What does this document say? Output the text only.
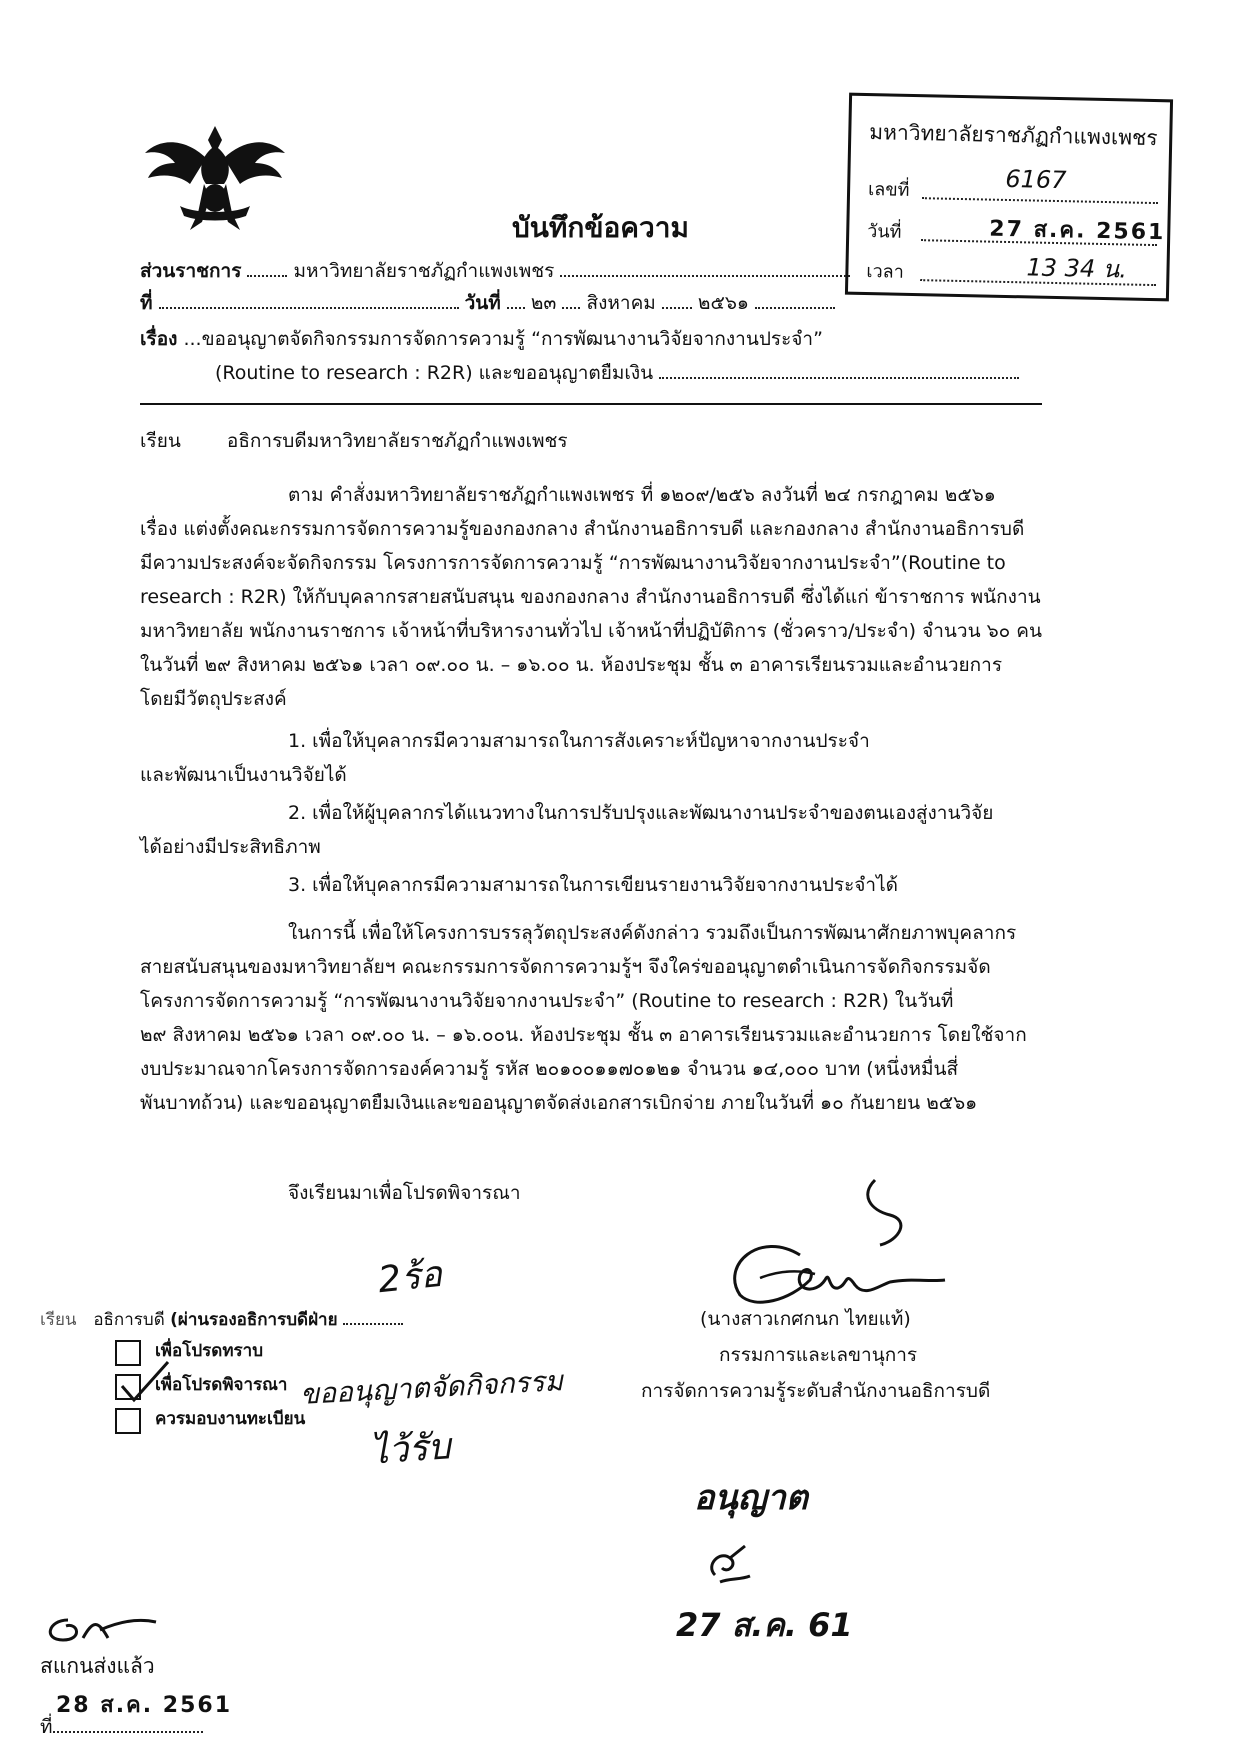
บันทึกข้อความ
มหาวิทยาลัยราชภัฏกำแพงเพชร
เลขที่	6167
วันที่	27 ส.ค. 2561
เวลา	13 34 น.
ส่วนราชการ	มหาวิทยาลัยราชภัฏกำแพงเพชร
ที่	วันที่ ๒๓ สิงหาคม ๒๕๖๑
เรื่อง ...ขออนุญาตจัดกิจกรรมการจัดการความรู้ “การพัฒนางานวิจัยจากงานประจำ”
(Routine to research : R2R) และขออนุญาตยืมเงิน
เรียน อธิการบดีมหาวิทยาลัยราชภัฏกำแพงเพชร
ตาม คำสั่งมหาวิทยาลัยราชภัฏกำแพงเพชร ที่ ๑๒๐๙/๒๕๖ ลงวันที่ ๒๔ กรกฎาคม ๒๕๖๑
เรื่อง แต่งตั้งคณะกรรมการจัดการความรู้ของกองกลาง สำนักงานอธิการบดี และกองกลาง สำนักงานอธิการบดี
มีความประสงค์จะจัดกิจกรรม โครงการการจัดการความรู้ “การพัฒนางานวิจัยจากงานประจำ”(Routine to
research : R2R) ให้กับบุคลากรสายสนับสนุน ของกองกลาง สำนักงานอธิการบดี ซึ่งได้แก่ ข้าราชการ พนักงาน
มหาวิทยาลัย พนักงานราชการ เจ้าหน้าที่บริหารงานทั่วไป เจ้าหน้าที่ปฏิบัติการ (ชั่วคราว/ประจำ) จำนวน ๖๐ คน
ในวันที่ ๒๙ สิงหาคม ๒๕๖๑ เวลา ๐๙.๐๐ น. – ๑๖.๐๐ น. ห้องประชุม ชั้น ๓ อาคารเรียนรวมและอำนวยการ
โดยมีวัตถุประสงค์
1. เพื่อให้บุคลากรมีความสามารถในการสังเคราะห์ปัญหาจากงานประจำ
และพัฒนาเป็นงานวิจัยได้
2. เพื่อให้ผู้บุคลากรได้แนวทางในการปรับปรุงและพัฒนางานประจำของตนเองสู่งานวิจัย
ได้อย่างมีประสิทธิภาพ
3. เพื่อให้บุคลากรมีความสามารถในการเขียนรายงานวิจัยจากงานประจำได้
ในการนี้ เพื่อให้โครงการบรรลุวัตถุประสงค์ดังกล่าว รวมถึงเป็นการพัฒนาศักยภาพบุคลากร
สายสนับสนุนของมหาวิทยาลัยฯ คณะกรรมการจัดการความรู้ฯ จึงใคร่ขออนุญาตดำเนินการจัดกิจกรรมจัด
โครงการจัดการความรู้ “การพัฒนางานวิจัยจากงานประจำ” (Routine to research : R2R) ในวันที่
๒๙ สิงหาคม ๒๕๖๑ เวลา ๐๙.๐๐ น. – ๑๖.๐๐น. ห้องประชุม ชั้น ๓ อาคารเรียนรวมและอำนวยการ โดยใช้จาก
งบประมาณจากโครงการจัดการองค์ความรู้ รหัส ๒๐๑๐๐๑๑๗๐๑๒๑ จำนวน ๑๔,๐๐๐ บาท (หนึ่งหมื่นสี่
พันบาทถ้วน) และขออนุญาตยืมเงินและขออนุญาตจัดส่งเอกสารเบิกจ่าย ภายในวันที่ ๑๐ กันยายน ๒๕๖๑
จึงเรียนมาเพื่อโปรดพิจารณา
2ร้อ
(นางสาวเกศกนก ไทยแท้)
กรรมการและเลขานุการ
การจัดการความรู้ระดับสำนักงานอธิการบดี
เรียน อธิการบดี (ผ่านรองอธิการบดีฝ่าย
เพื่อโปรดทราบ
เพื่อโปรดพิจารณา
ควรมอบงานทะเบียน
ขออนุญาตจัดกิจกรรม
ไว้รับ
อนุญาต
27 ส.ค. 61
สแกนส่งแล้ว
28 ส.ค. 2561
ที่
